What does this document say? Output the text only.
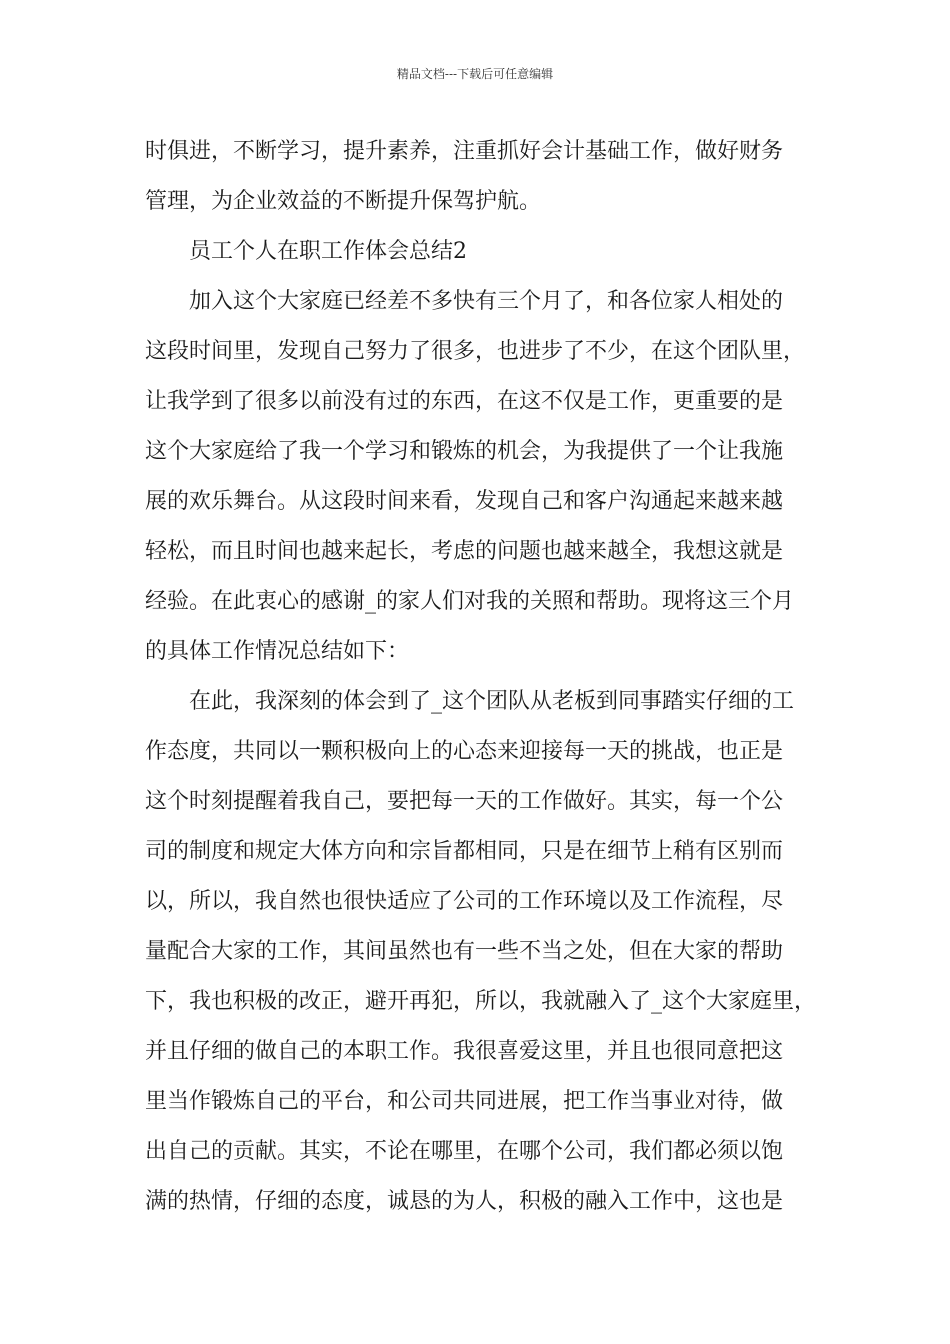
精品文档---下载后可任意编辑
时俱进，不断学习，提升素养，注重抓好会计基础工作，做好财务
管理，为企业效益的不断提升保驾护航。
员工个人在职工作体会总结2
加入这个大家庭已经差不多快有三个月了，和各位家人相处的
这段时间里，发现自己努力了很多，也进步了不少，在这个团队里，
让我学到了很多以前没有过的东西，在这不仅是工作，更重要的是
这个大家庭给了我一个学习和锻炼的机会，为我提供了一个让我施
展的欢乐舞台。从这段时间来看，发现自己和客户沟通起来越来越
轻松，而且时间也越来起长，考虑的问题也越来越全，我想这就是
经验。在此衷心的感谢_的家人们对我的关照和帮助。现将这三个月
的具体工作情况总结如下：
在此，我深刻的体会到了_这个团队从老板到同事踏实仔细的工
作态度，共同以一颗积极向上的心态来迎接每一天的挑战，也正是
这个时刻提醒着我自己，要把每一天的工作做好。其实，每一个公
司的制度和规定大体方向和宗旨都相同，只是在细节上稍有区别而
以，所以，我自然也很快适应了公司的工作环境以及工作流程，尽
量配合大家的工作，其间虽然也有一些不当之处，但在大家的帮助
下，我也积极的改正，避开再犯，所以，我就融入了_这个大家庭里，
并且仔细的做自己的本职工作。我很喜爱这里，并且也很同意把这
里当作锻炼自己的平台，和公司共同进展，把工作当事业对待，做
出自己的贡献。其实，不论在哪里，在哪个公司，我们都必须以饱
满的热情，仔细的态度，诚恳的为人，积极的融入工作中，这也是
